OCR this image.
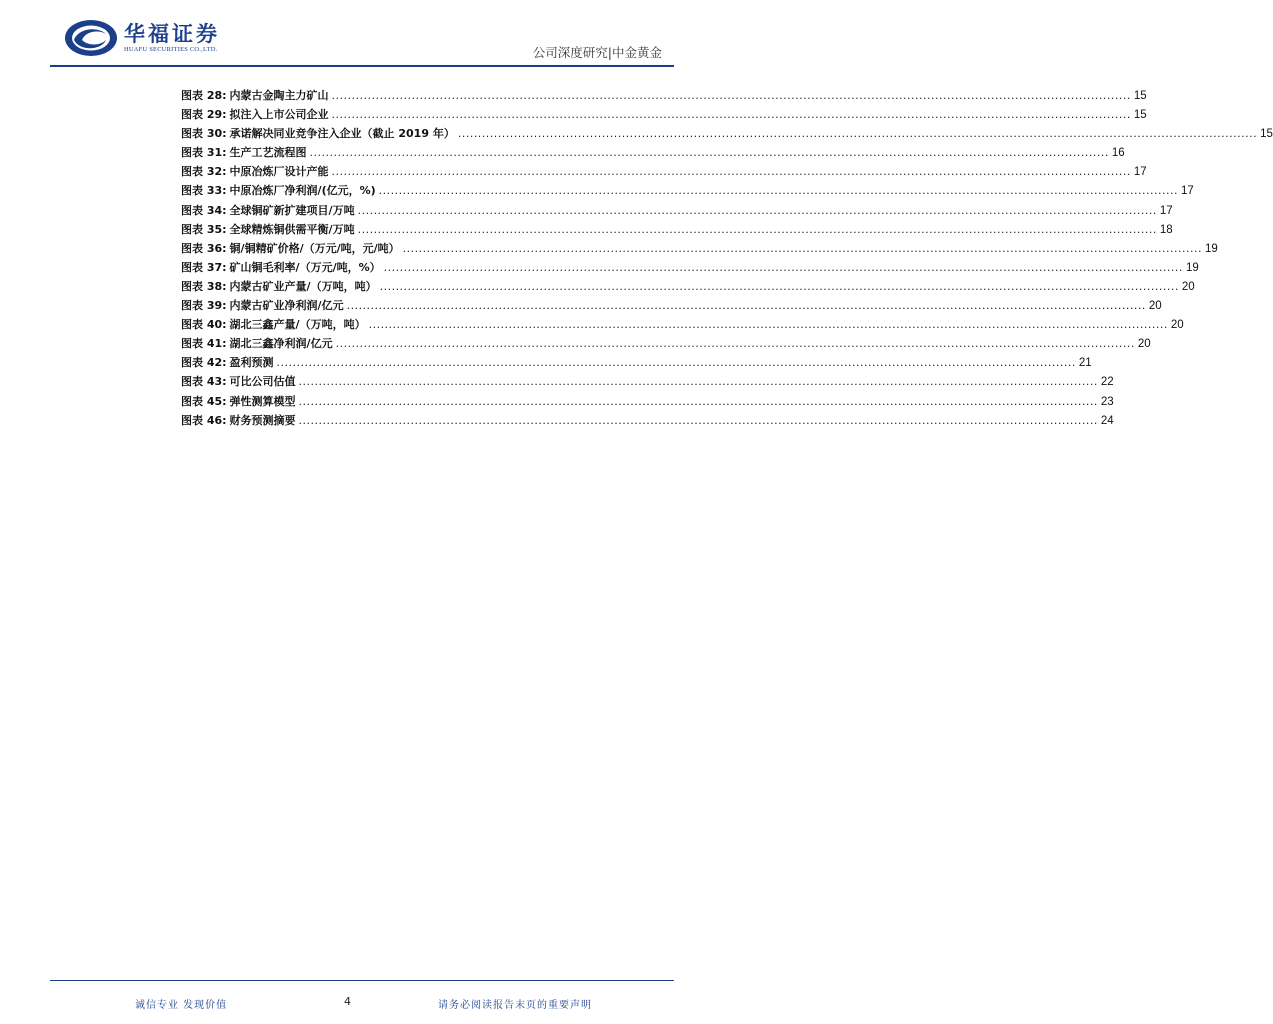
华福证券
HUAFU SECURITIES CO.,LTD.	公司深度研究|中金黄金
图表 28: 内蒙古金陶主力矿山 ........................................................................................................................................................................................................ 15
图表 29: 拟注入上市公司企业 ........................................................................................................................................................................................................ 15
图表 30: 承诺解决同业竞争注入企业（截止 2019 年） ........................................................................................................................................................................................................ 15
图表 31: 生产工艺流程图 ........................................................................................................................................................................................................ 16
图表 32: 中原冶炼厂设计产能 ........................................................................................................................................................................................................ 17
图表 33: 中原冶炼厂净利润/(亿元，%) ........................................................................................................................................................................................................ 17
图表 34: 全球铜矿新扩建项目/万吨 ........................................................................................................................................................................................................ 17
图表 35: 全球精炼铜供需平衡/万吨 ........................................................................................................................................................................................................ 18
图表 36: 铜/铜精矿价格/（万元/吨，元/吨） ........................................................................................................................................................................................................ 19
图表 37: 矿山铜毛利率/（万元/吨，%） ........................................................................................................................................................................................................ 19
图表 38: 内蒙古矿业产量/（万吨，吨） ........................................................................................................................................................................................................ 20
图表 39: 内蒙古矿业净利润/亿元 ........................................................................................................................................................................................................ 20
图表 40: 湖北三鑫产量/（万吨，吨） ........................................................................................................................................................................................................ 20
图表 41: 湖北三鑫净利润/亿元 ........................................................................................................................................................................................................ 20
图表 42: 盈利预测 ........................................................................................................................................................................................................ 21
图表 43: 可比公司估值 ........................................................................................................................................................................................................ 22
图表 45: 弹性测算模型 ........................................................................................................................................................................................................ 23
图表 46: 财务预测摘要 ........................................................................................................................................................................................................ 24
诚信专业 发现价值	4	请务必阅读报告末页的重要声明
